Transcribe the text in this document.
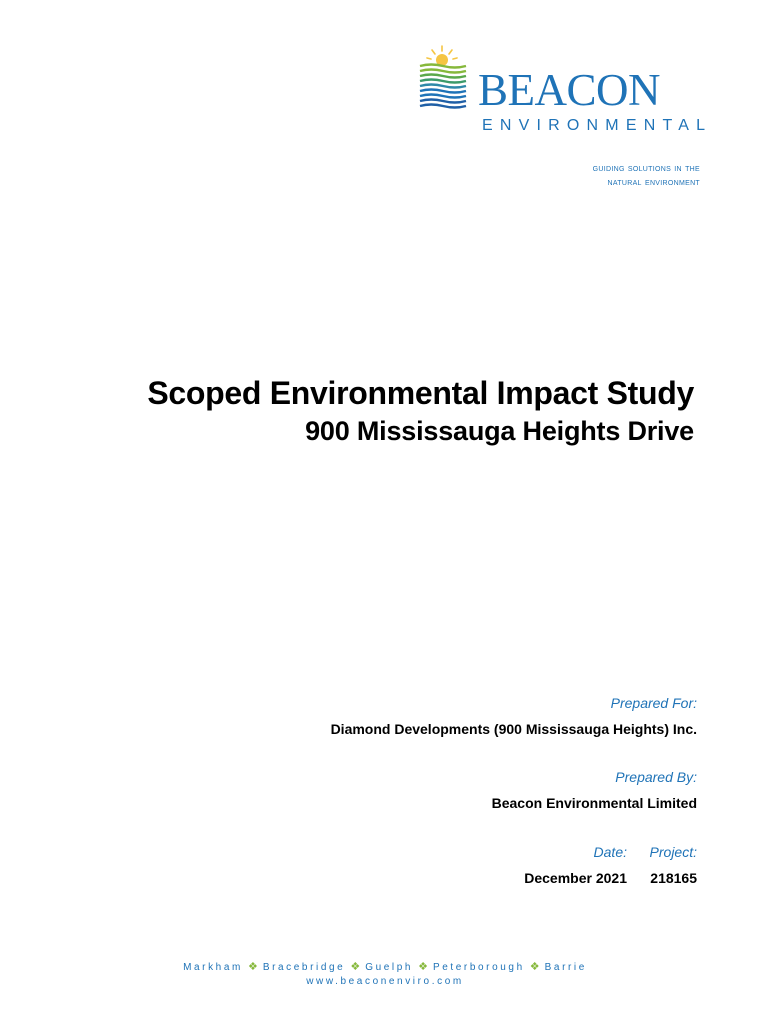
BEACON
ENVIRONMENTAL
guiding solutions in the
natural environment
Scoped Environmental Impact Study
900 Mississauga Heights Drive
Prepared For:
Diamond Developments (900 Mississauga Heights) Inc.
Prepared By:
Beacon Environmental Limited
Date:
December 2021
Project:
218165
Markham ❖ Bracebridge ❖ Guelph ❖ Peterborough ❖ Barrie
www.beaconenviro.com
